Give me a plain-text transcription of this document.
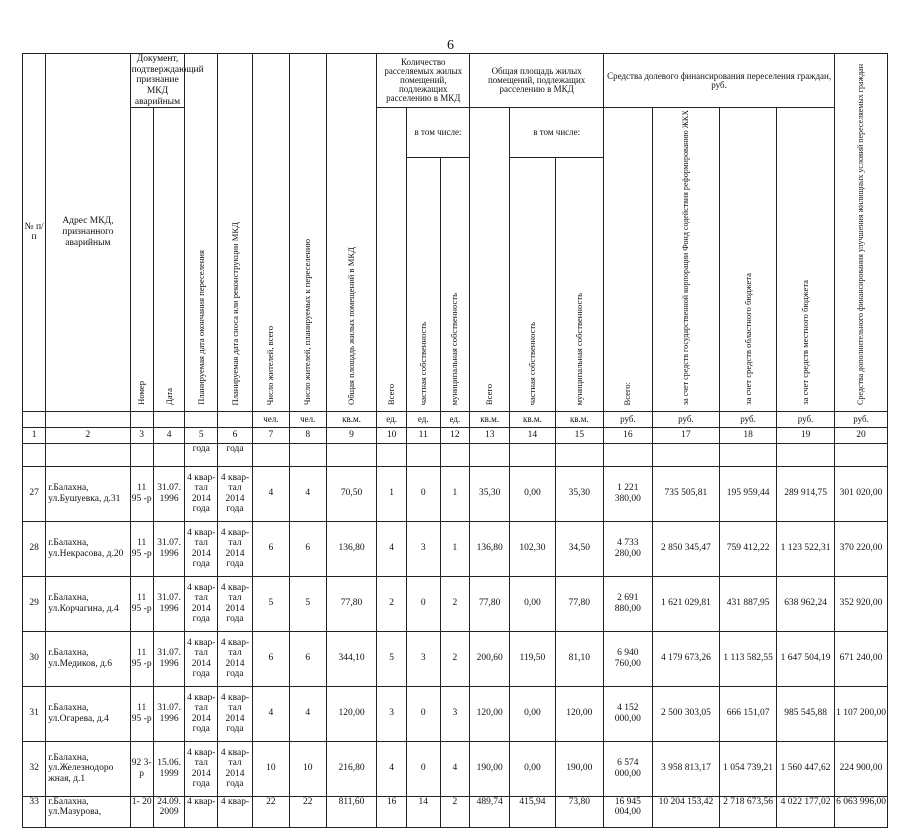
6
№ п/п	Адрес МКД, признанного аварийным	Документ, подтверждающий признание МКД аварийным		Планируемая дата окончания переселения	Планируемая дата сноса или реконструкции МКД	Число жителей, всего	Число жителей, планируемых к переселению	Общая площадь жилых помещений в МКД	Количество расселяемых жилых помещений, подлежащих расселению в МКД			Общая площадь жилых помещений, подлежащих расселению в МКД			Средства долевого финансирования переселения граждан, руб.				Средства дополнительного финансирования улучшения жилищных условий переселяемых граждан
		Номер	Дата						Всего	в том числе:		Всего	в том числе:		Всего:	за счет средств государственной корпорации Фонд содействия реформированию ЖКХ	за счет средств областного бюджета	за счет средств местного бюджета	
										частная собственность	муниципальная собственность		частная собственность	муниципальная собственность					
						чел.	чел.	кв.м.	ед.	ед.	ед.	кв.м.	кв.м.	кв.м.	руб.	руб.	руб.	руб.	руб.
1	2	3	4	5	6	7	8	9	10	11	12	13	14	15	16	17	18	19	20
				года	года														
27	г.Балахна, ул.Бушуевка, д.31	11 95 -р	31.07. 1996	4 квар-тал 2014 года	4 квар-тал 2014 года	4	4	70,50	1	0	1	35,30	0,00	35,30	1 221 380,00	735 505,81	195 959,44	289 914,75	301 020,00
28	г.Балахна, ул.Некрасова, д.20	11 95 -р	31.07. 1996	4 квар-тал 2014 года	4 квар-тал 2014 года	6	6	136,80	4	3	1	136,80	102,30	34,50	4 733 280,00	2 850 345,47	759 412,22	1 123 522,31	370 220,00
29	г.Балахна, ул.Корчагина, д.4	11 95 -р	31.07. 1996	4 квар-тал 2014 года	4 квар-тал 2014 года	5	5	77,80	2	0	2	77,80	0,00	77,80	2 691 880,00	1 621 029,81	431 887,95	638 962,24	352 920,00
30	г.Балахна, ул.Медиков, д.6	11 95 -р	31.07. 1996	4 квар-тал 2014 года	4 квар-тал 2014 года	6	6	344,10	5	3	2	200,60	119,50	81,10	6 940 760,00	4 179 673,26	1 113 582,55	1 647 504,19	671 240,00
31	г.Балахна, ул.Огарева, д.4	11 95 -р	31.07. 1996	4 квар-тал 2014 года	4 квар-тал 2014 года	4	4	120,00	3	0	3	120,00	0,00	120,00	4 152 000,00	2 500 303,05	666 151,07	985 545,88	1 107 200,00
32	г.Балахна, ул.Железнодоро жная, д.1	92 3- р	15.06. 1999	4 квар-тал 2014 года	4 квар-тал 2014 года	10	10	216,80	4	0	4	190,00	0,00	190,00	6 574 000,00	3 958 813,17	1 054 739,21	1 560 447,62	224 900,00
33	г.Балахна, ул.Мазурова,	1- 20	24.09. 2009	4 квар-	4 квар-	22	22	811,60	16	14	2	489,74	415,94	73,80	16 945 004,00	10 204 153,42	2 718 673,56	4 022 177,02	6 063 996,00
